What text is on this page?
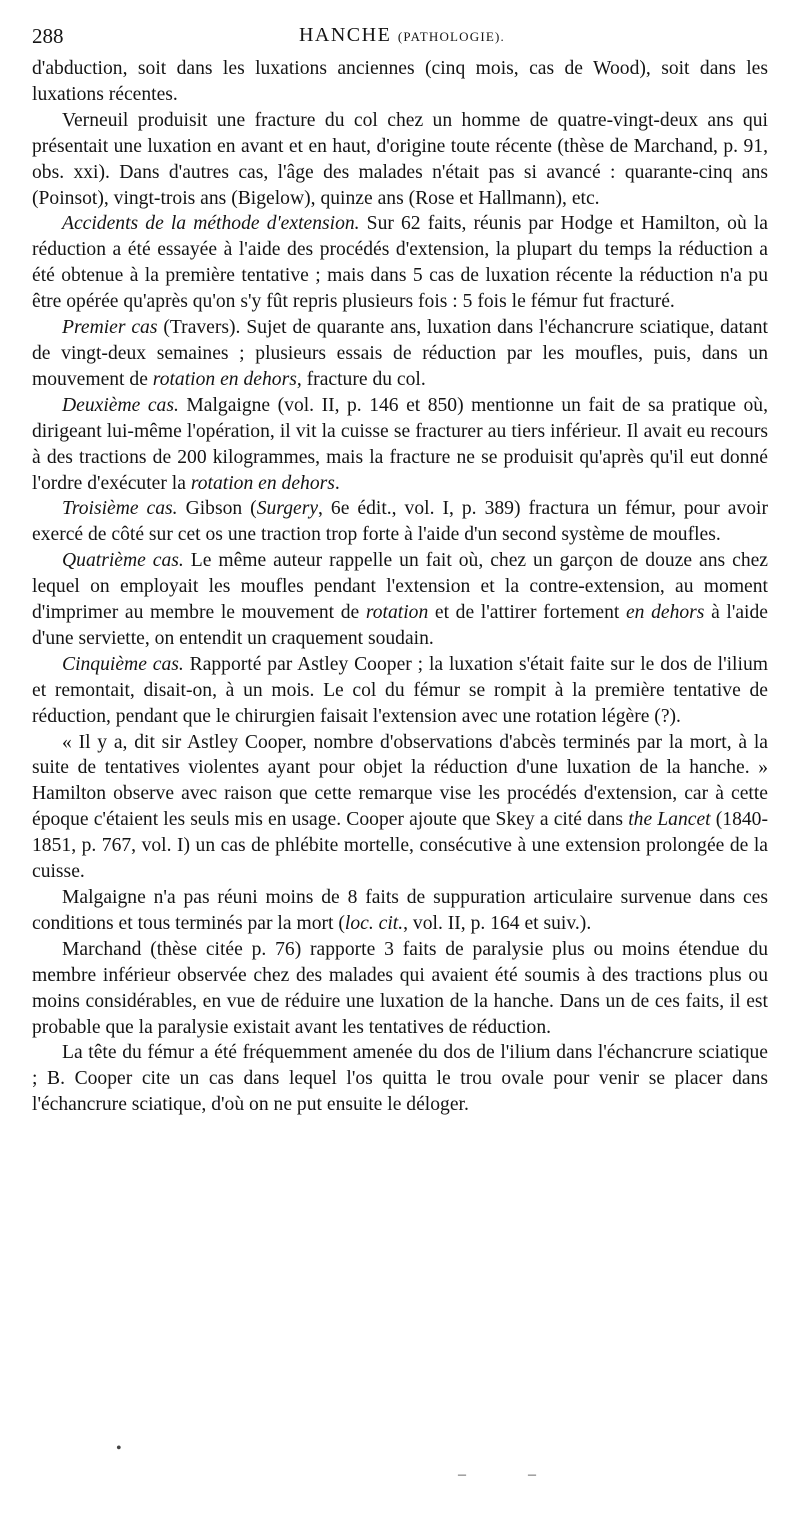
288	HANCHE (PATHOLOGIE).

d'abduction, soit dans les luxations anciennes (cinq mois, cas de Wood), soit dans les luxations récentes.

Verneuil produisit une fracture du col chez un homme de quatre-vingt-deux ans qui présentait une luxation en avant et en haut, d'origine toute récente (thèse de Marchand, p. 91, obs. xxi). Dans d'autres cas, l'âge des malades n'était pas si avancé : quarante-cinq ans (Poinsot), vingt-trois ans (Bigelow), quinze ans (Rose et Hallmann), etc.

Accidents de la méthode d'extension. Sur 62 faits, réunis par Hodge et Hamilton, où la réduction a été essayée à l'aide des procédés d'extension, la plupart du temps la réduction a été obtenue à la première tentative ; mais dans 5 cas de luxation récente la réduction n'a pu être opérée qu'après qu'on s'y fût repris plusieurs fois : 5 fois le fémur fut fracturé.

Premier cas (Travers). Sujet de quarante ans, luxation dans l'échancrure sciatique, datant de vingt-deux semaines ; plusieurs essais de réduction par les moufles, puis, dans un mouvement de rotation en dehors, fracture du col.

Deuxième cas. Malgaigne (vol. II, p. 146 et 850) mentionne un fait de sa pratique où, dirigeant lui-même l'opération, il vit la cuisse se fracturer au tiers inférieur. Il avait eu recours à des tractions de 200 kilogrammes, mais la fracture ne se produisit qu'après qu'il eut donné l'ordre d'exécuter la rotation en dehors.

Troisième cas. Gibson (Surgery, 6e édit., vol. I, p. 389) fractura un fémur, pour avoir exercé de côté sur cet os une traction trop forte à l'aide d'un second système de moufles.

Quatrième cas. Le même auteur rappelle un fait où, chez un garçon de douze ans chez lequel on employait les moufles pendant l'extension et la contre-extension, au moment d'imprimer au membre le mouvement de rotation et de l'attirer fortement en dehors à l'aide d'une serviette, on entendit un craquement soudain.

Cinquième cas. Rapporté par Astley Cooper ; la luxation s'était faite sur le dos de l'ilium et remontait, disait-on, à un mois. Le col du fémur se rompit à la première tentative de réduction, pendant que le chirurgien faisait l'extension avec une rotation légère (?).

« Il y a, dit sir Astley Cooper, nombre d'observations d'abcès terminés par la mort, à la suite de tentatives violentes ayant pour objet la réduction d'une luxation de la hanche. » Hamilton observe avec raison que cette remarque vise les procédés d'extension, car à cette époque c'étaient les seuls mis en usage. Cooper ajoute que Skey a cité dans the Lancet (1840-1851, p. 767, vol. I) un cas de phlébite mortelle, consécutive à une extension prolongée de la cuisse.

Malgaigne n'a pas réuni moins de 8 faits de suppuration articulaire survenue dans ces conditions et tous terminés par la mort (loc. cit., vol. II, p. 164 et suiv.).

Marchand (thèse citée p. 76) rapporte 3 faits de paralysie plus ou moins étendue du membre inférieur observée chez des malades qui avaient été soumis à des tractions plus ou moins considérables, en vue de réduire une luxation de la hanche. Dans un de ces faits, il est probable que la paralysie existait avant les tentatives de réduction.

La tête du fémur a été fréquemment amenée du dos de l'ilium dans l'échancrure sciatique ; B. Cooper cite un cas dans lequel l'os quitta le trou ovale pour venir se placer dans l'échancrure sciatique, d'où on ne put ensuite le déloger.

•
–	–
